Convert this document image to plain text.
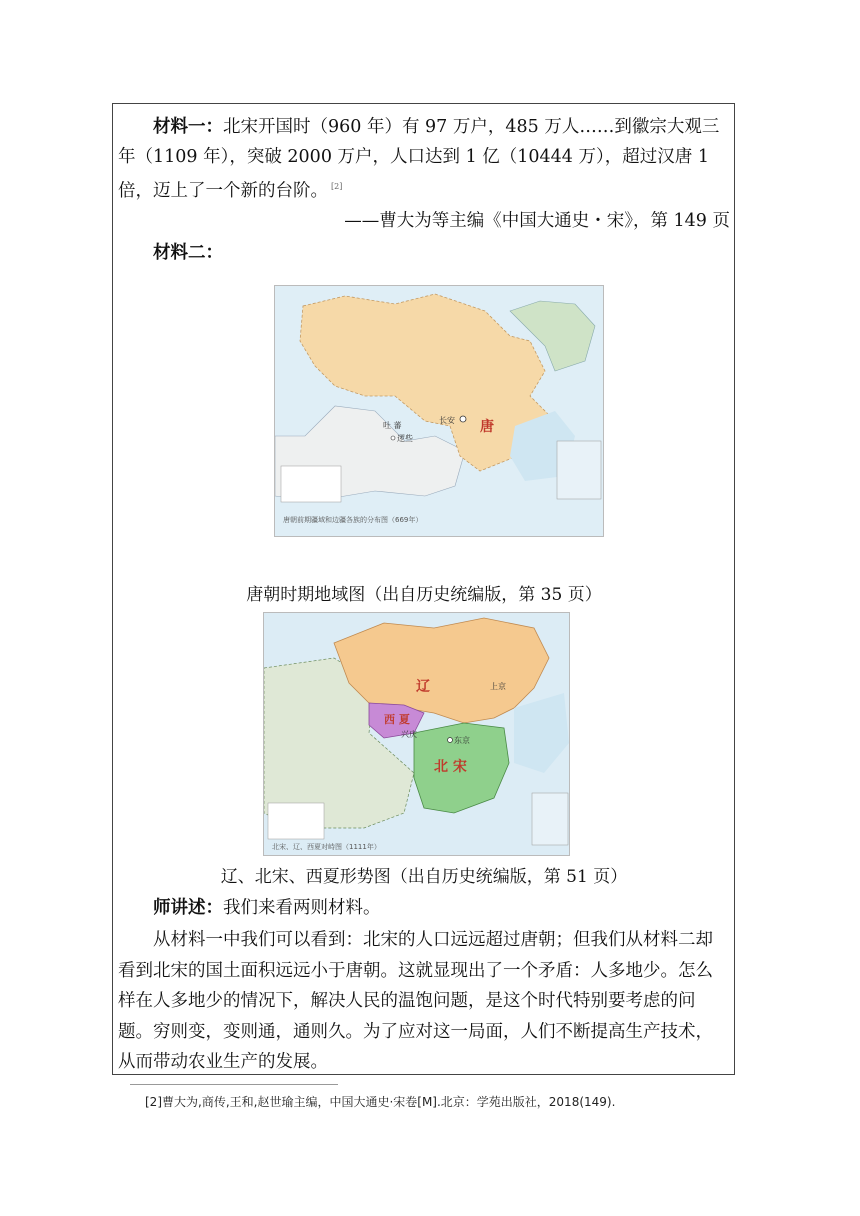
材料一：北宋开国时（960 年）有 97 万户，485 万人……到徽宗大观三年（1109 年），突破 2000 万户，人口达到 1 亿（10444 万），超过汉唐 1 倍，迈上了一个新的台阶。 [2]

——曹大为等主编《中国大通史・宋》，第 149 页

材料二：

长安 唐
吐 蕃
逻些
唐朝前期疆域和边疆各族的分布图（669年）
唐朝时期地域图（出自历史统编版，第 35 页）
辽	上京
西 夏
兴庆
北 宋
东京
北宋、辽、西夏对峙图（1111年）
辽、北宋、西夏形势图（出自历史统编版，第 51 页）

师讲述：我们来看两则材料。

从材料一中我们可以看到：北宋的人口远远超过唐朝；但我们从材料二却看到北宋的国土面积远远小于唐朝。这就显现出了一个矛盾：人多地少。怎么样在人多地少的情况下，解决人民的温饱问题，是这个时代特别要考虑的问题。穷则变，变则通，通则久。为了应对这一局面，人们不断提高生产技术，从而带动农业生产的发展。

[2]曹大为,商传,王和,赵世瑜主编，中国大通史·宋卷[M].北京：学苑出版社，2018(149).
